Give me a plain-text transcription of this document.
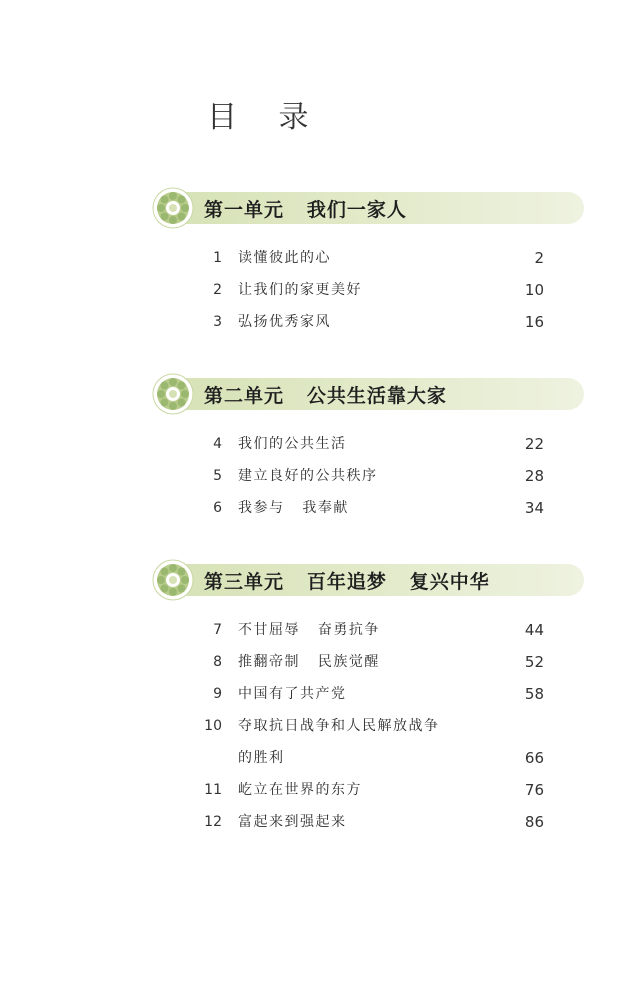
目 录
第一单元   我们一家人
1 读懂彼此的心	2
2 让我们的家更美好	10
3 弘扬优秀家风	16
第二单元   公共生活靠大家
4 我们的公共生活	22
5 建立良好的公共秩序	28
6 我参与   我奉献	34
第三单元   百年追梦   复兴中华
7 不甘屈辱   奋勇抗争	44
8 推翻帝制   民族觉醒	52
9 中国有了共产党	58
10 夺取抗日战争和人民解放战争
的胜利	66
11 屹立在世界的东方	76
12 富起来到强起来	86
